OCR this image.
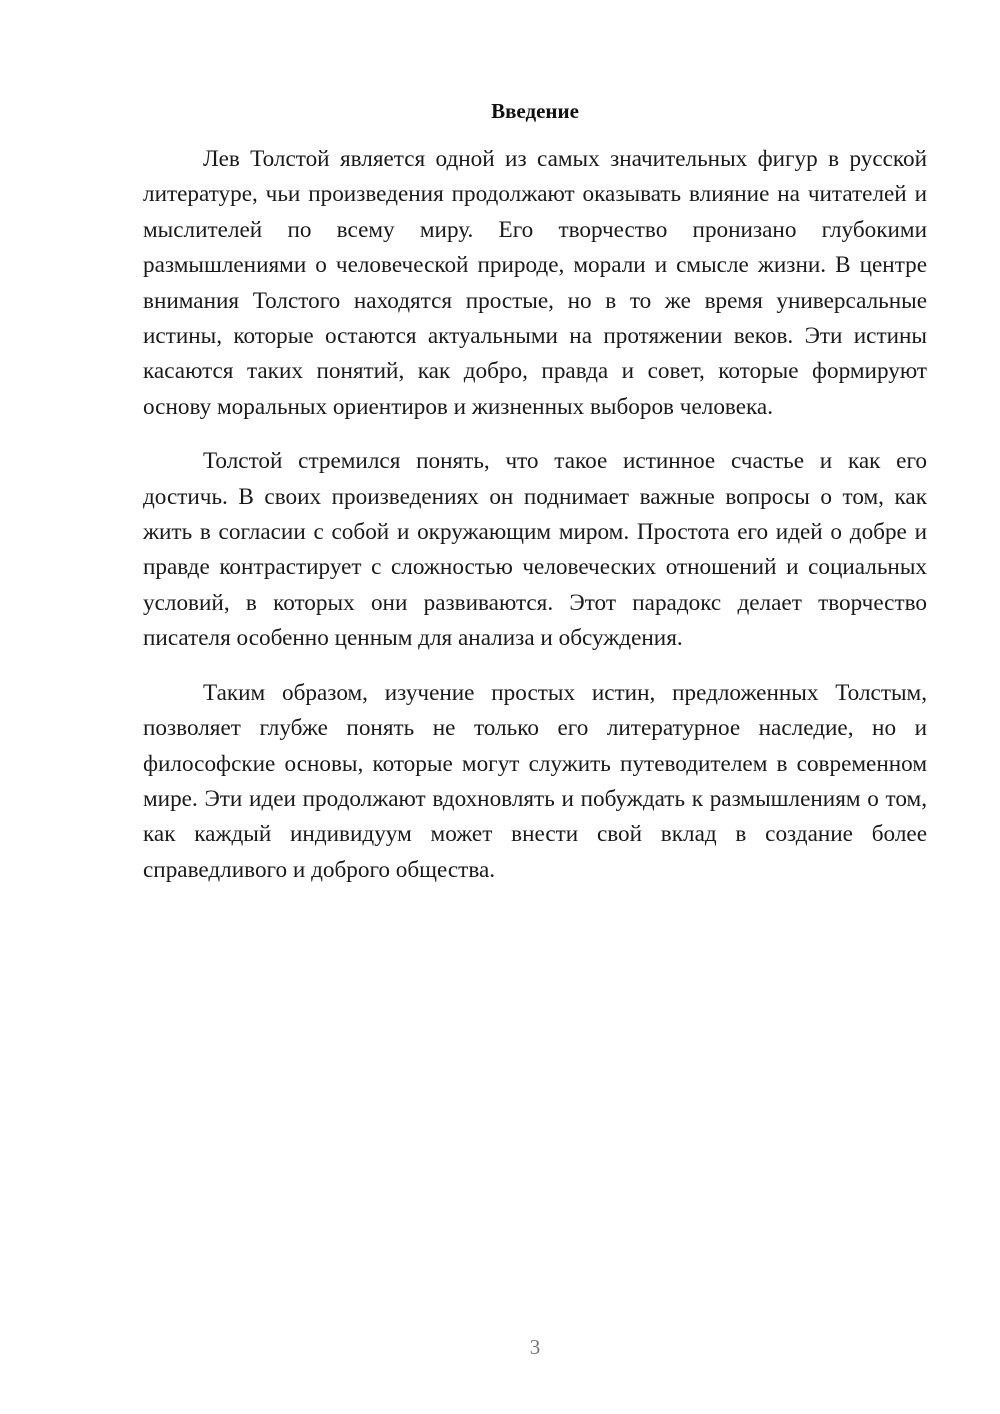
Введение

Лев Толстой является одной из самых значительных фигур в русской литературе, чьи произведения продолжают оказывать влияние на читателей и мыслителей по всему миру. Его творчество пронизано глубокими размышлениями о человеческой природе, морали и смысле жизни. В центре внимания Толстого находятся простые, но в то же время универсальные истины, которые остаются актуальными на протяжении веков. Эти истины касаются таких понятий, как добро, правда и совет, которые формируют основу моральных ориентиров и жизненных выборов человека.

Толстой стремился понять, что такое истинное счастье и как его достичь. В своих произведениях он поднимает важные вопросы о том, как жить в согласии с собой и окружающим миром. Простота его идей о добре и правде контрастирует с сложностью человеческих отношений и социальных условий, в которых они развиваются. Этот парадокс делает творчество писателя особенно ценным для анализа и обсуждения.

Таким образом, изучение простых истин, предложенных Толстым, позволяет глубже понять не только его литературное наследие, но и философские основы, которые могут служить путеводителем в современном мире. Эти идеи продолжают вдохновлять и побуждать к размышлениям о том, как каждый индивидуум может внести свой вклад в создание более справедливого и доброго общества.

3
